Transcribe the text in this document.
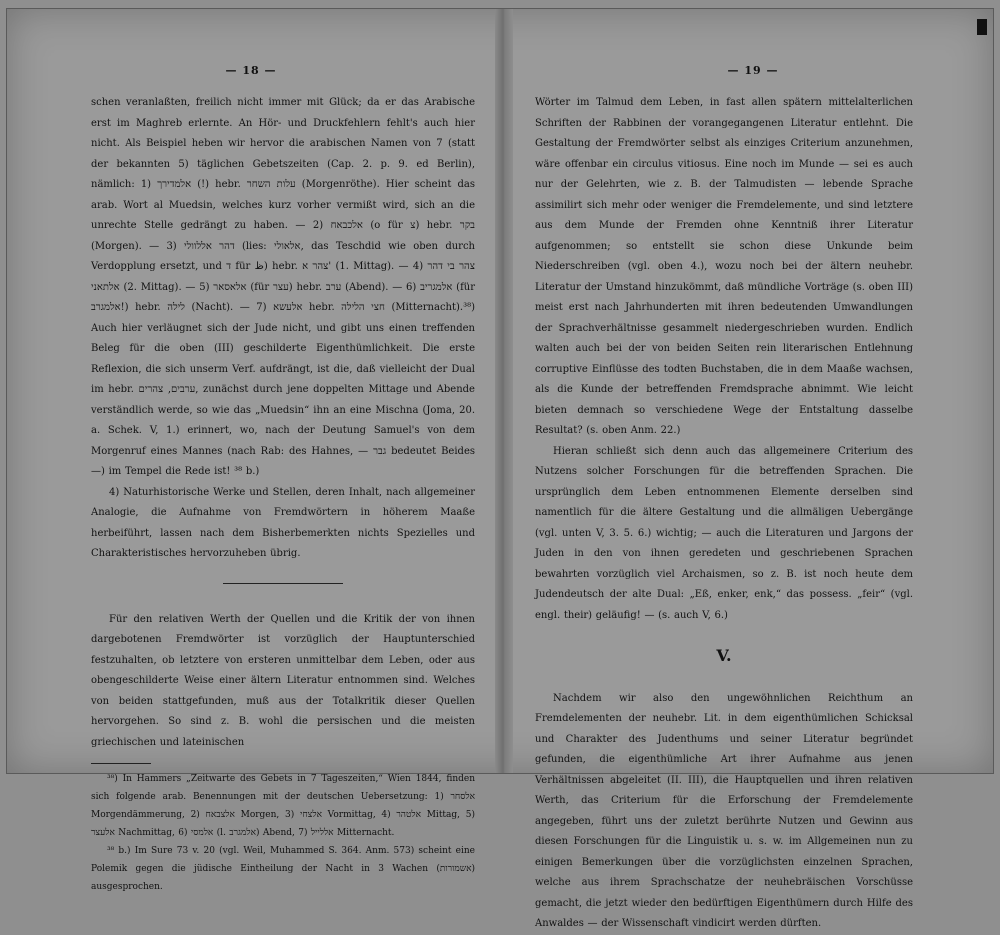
— 18 —

schen veranlaßten, freilich nicht immer mit Glück; da er das Arabische erst im Maghreb erlernte. An Hör- und Druckfehlern fehlt's auch hier nicht. Als Beispiel heben wir hervor die arabischen Namen von 7 (statt der bekannten 5) täglichen Gebetszeiten (Cap. 2. p. 9. ed Berlin), nämlich: 1) אלמדירך (!) hebr. עלות השחר (Morgenröthe). Hier scheint das arab. Wort al Muedsin, welches kurz vorher vermißt wird, sich an die unrechte Stelle gedrängt zu haben. — 2) אלכבאח (o für צ) hebr. בקר (Morgen). — 3) דהר אללוולי (lies: אלאולי, das Teschdid wie oben durch Verdopplung ersetzt, und ד für ظ) hebr. צהר א' (1. Mittag). — 4) צהר בי דהר אלתאני (2. Mittag). — 5) אלאסאר (für עצר) hebr. ערב (Abend). — 6) אלמגריב (für אלמגרב!) hebr. לילה (Nacht). — 7) אלעשא hebr. חצי הלילה (Mitternacht).³⁸) Auch hier verläugnet sich der Jude nicht, und gibt uns einen treffenden Beleg für die oben (III) geschilderte Eigenthümlichkeit. Die erste Reflexion, die sich unserm Verf. aufdrängt, ist die, daß vielleicht der Dual im hebr. ערבים, צהרים, zunächst durch jene doppelten Mittage und Abende verständlich werde, so wie das „Muedsin“ ihn an eine Mischna (Joma, 20. a. Schek. V, 1.) erinnert, wo, nach der Deutung Samuel's von dem Morgenruf eines Mannes (nach Rab: des Hahnes, — גבר bedeutet Beides —) im Tempel die Rede ist! ³⁸ b.)

4) Naturhistorische Werke und Stellen, deren Inhalt, nach allgemeiner Analogie, die Aufnahme von Fremdwörtern in höherem Maaße herbeiführt, lassen nach dem Bisherbemerkten nichts Spezielles und Charakteristisches hervorzuheben übrig.

Für den relativen Werth der Quellen und die Kritik der von ihnen dargebotenen Fremdwörter ist vorzüglich der Hauptunterschied festzuhalten, ob letztere von ersteren unmittelbar dem Leben, oder aus obengeschilderte Weise einer ältern Literatur entnommen sind. Welches von beiden stattgefunden, muß aus der Totalkritik dieser Quellen hervorgehen. So sind z. B. wohl die persischen und die meisten griechischen und lateinischen

³⁸) In Hammers „Zeitwarte des Gebets in 7 Tageszeiten,“ Wien 1844, finden sich folgende arab. Benennungen mit der deutschen Uebersetzung: 1) אלסחר Morgendämmerung, 2) אלצבאח Morgen, 3) אלצחי Vormittag, 4) אלטהר Mittag, 5) אלעצר Nachmittag, 6) אלמסי (l. אלמגרב) Abend, 7) אללייל Mitternacht.

³⁸ b.) Im Sure 73 v. 20 (vgl. Weil, Muhammed S. 364. Anm. 573) scheint eine Polemik gegen die jüdische Eintheilung der Nacht in 3 Wachen (אשמורות) ausgesprochen.

— 19 —

Wörter im Talmud dem Leben, in fast allen spätern mittelalterlichen Schriften der Rabbinen der vorangegangenen Literatur entlehnt. Die Gestaltung der Fremdwörter selbst als einziges Criterium anzunehmen, wäre offenbar ein circulus vitiosus. Eine noch im Munde — sei es auch nur der Gelehrten, wie z. B. der Talmudisten — lebende Sprache assimilirt sich mehr oder weniger die Fremdelemente, und sind letztere aus dem Munde der Fremden ohne Kenntniß ihrer Literatur aufgenommen; so entstellt sie schon diese Unkunde beim Niederschreiben (vgl. oben 4.), wozu noch bei der ältern neuhebr. Literatur der Umstand hinzukömmt, daß mündliche Vorträge (s. oben III) meist erst nach Jahrhunderten mit ihren bedeutenden Umwandlungen der Sprachverhältnisse gesammelt niedergeschrieben wurden. Endlich walten auch bei der von beiden Seiten rein literarischen Entlehnung corruptive Einflüsse des todten Buchstaben, die in dem Maaße wachsen, als die Kunde der betreffenden Fremdsprache abnimmt. Wie leicht bieten demnach so verschiedene Wege der Entstaltung dasselbe Resultat? (s. oben Anm. 22.)

Hieran schließt sich denn auch das allgemeinere Criterium des Nutzens solcher Forschungen für die betreffenden Sprachen. Die ursprünglich dem Leben entnommenen Elemente derselben sind namentlich für die ältere Gestaltung und die allmäligen Uebergänge (vgl. unten V, 3. 5. 6.) wichtig; — auch die Literaturen und Jargons der Juden in den von ihnen geredeten und geschriebenen Sprachen bewahrten vorzüglich viel Archaismen, so z. B. ist noch heute dem Judendeutsch der alte Dual: „Eß, enker, enk,“ das possess. „feir“ (vgl. engl. their) geläufig! — (s. auch V, 6.)

V.

Nachdem wir also den ungewöhnlichen Reichthum an Fremdelementen der neuhebr. Lit. in dem eigenthümlichen Schicksal und Charakter des Judenthums und seiner Literatur begründet gefunden, die eigenthümliche Art ihrer Aufnahme aus jenen Verhältnissen abgeleitet (II. III), die Hauptquellen und ihren relativen Werth, das Criterium für die Erforschung der Fremdelemente angegeben, führt uns der zuletzt berührte Nutzen und Gewinn aus diesen Forschungen für die Linguistik u. s. w. im Allgemeinen nun zu einigen Bemerkungen über die vorzüglichsten einzelnen Sprachen, welche aus ihrem Sprachschatze der neuhebräischen Vorschüsse gemacht, die jetzt wieder den bedürftigen Eigenthümern durch Hilfe des Anwaldes — der Wissenschaft vindicirt werden dürften.
